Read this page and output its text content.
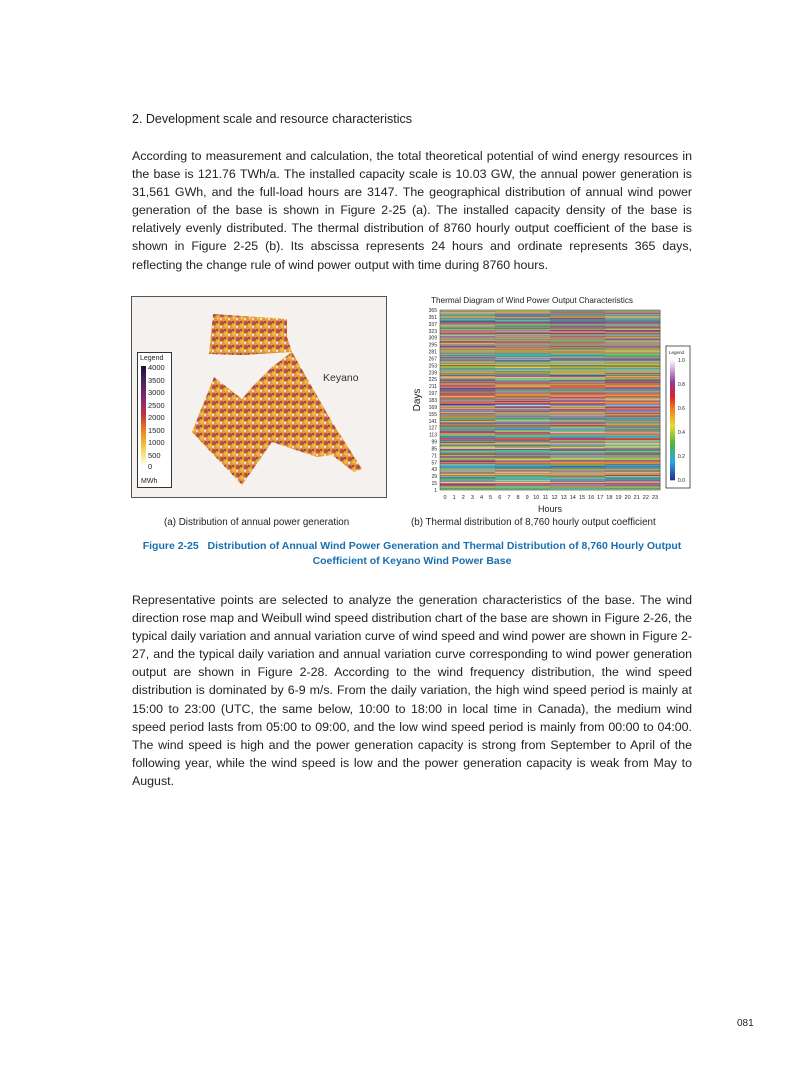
2. Development scale and resource characteristics
According to measurement and calculation, the total theoretical potential of wind energy resources in the base is 121.76 TWh/a. The installed capacity scale is 10.03 GW, the annual power generation is 31,561 GWh, and the full-load hours are 3147. The geographical distribution of annual wind power generation of the base is shown in Figure 2-25 (a). The installed capacity density of the base is relatively evenly distributed. The thermal distribution of 8760 hourly output coefficient of the base is shown in Figure 2-25 (b). Its abscissa represents 24 hours and ordinate represents 365 days, reflecting the change rule of wind power output with time during 8760 hours.
Keyano
Legend
4000
3500
3000
2500
2000
1500
1000
500
0
MWh
Thermal Diagram of Wind Power Output Characteristics
365
351
337
323
309
295
281
267
253
239
225
211
197
183
169
155
141
127
113
99
85
71
57
43
29
15
1
0 1 2 3 4 5 6 7 8 9 10 11 12 13 14 15 16 17 18 19 20 21 22 23
Hours
Days
Legend
1.0
0.8
0.6
0.4
0.2
0.0
(a) Distribution of annual power generation	(b) Thermal distribution of 8,760 hourly output coefficient
Figure 2-25   Distribution of Annual Wind Power Generation and Thermal Distribution of 8,760 Hourly Output Coefficient of Keyano Wind Power Base
Representative points are selected to analyze the generation characteristics of the base. The wind direction rose map and Weibull wind speed distribution chart of the base are shown in Figure 2-26, the typical daily variation and annual variation curve of wind speed and wind power are shown in Figure 2-27, and the typical daily variation and annual variation curve corresponding to wind power generation output are shown in Figure 2-28. According to the wind frequency distribution, the wind speed distribution is dominated by 6-9 m/s. From the daily variation, the high wind speed period is mainly at 15:00 to 23:00 (UTC, the same below, 10:00 to 18:00 in local time in Canada), the medium wind speed period lasts from 05:00 to 09:00, and the low wind speed period is mainly from 00:00 to 04:00. The wind speed is high and the power generation capacity is strong from September to April of the following year, while the wind speed is low and the power generation capacity is weak from May to August.
081
